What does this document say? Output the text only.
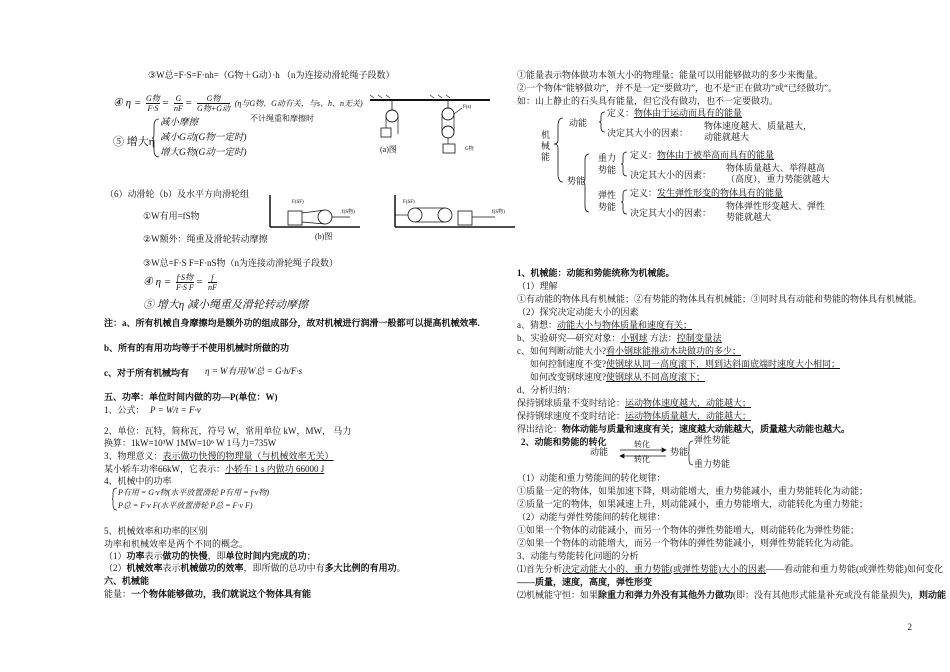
③W总=F·S=F·nh=（G物＋G动）·h （n为连接动滑轮绳子段数）
④ η = G物
$F\cdot S = \frac{G}{nF}$ =	G物
G物+G动
(η与G物、G动有关，与s、h、n无关)
不计绳重和摩擦时
⑤ 增大η
减小摩擦
减小G动(G物一定时)
增大G物(G动一定时)
F(s)
G物
(a)图
（6）动滑轮（b）及水平方向滑轮组
①W有用=fS物
②W额外：绳重及滑轮转动摩擦
③W总=F·S F=F·nS物（n为连接动滑轮绳子段数）
④ η = f·S物
F·S $F = \frac{f}{nF}$
⑤ 增大η 减小绳重及滑轮转动摩擦
F(SF)
f(S物)
F(SF)
f(S物)
(b)图
注：a、所有机械自身摩擦均是额外功的组成部分，故对机械进行润滑一般都可以提高机械效率.
b、所有的有用功均等于不使用机械时所做的功
c、对于所有机械均有 η = W有用/W总 = G·h/F·s
五、功率：单位时间内做的功—P(单位：W)
1、公式： P = W/t = F·v
2、单位：瓦特，简称瓦，符号 W，常用单位 kW，MW， 马力
换算：1kW=10³W 1MW=10⁶ W 1马力=735W
3、物理意义：表示做功快慢的物理量（与机械效率无关）
某小轿车功率66kW，它表示：小轿车 1 s 内做功 66000 J
4、机械中的功率
P有用 = G·v物(水平放置滑轮 P有用 = f·v物)
P总 = F·v F(水平放置滑轮 P总 = F·v F)
5、机械效率和功率的区别
功率和机械效率是两个不同的概念。
（1）功率表示做功的快慢，即单位时间内完成的功；
（2）机械效率表示机械做功的效率，即所做的总功中有多大比例的有用功。
六、机械能
能量：一个物体能够做功，我们就说这个物体具有能
①能量表示物体做功本领大小的物理量；能量可以用能够做功的多少来衡量。
②一个物体“能够做功”，并不是一定“要做功”，也不是“正在做功”或“已经做功”。
如：山上静止的石头具有能量，但它没有做功，也不一定要做功。
机械能
动能
定义：物体由于运动而具有的能量
决定其大小的因素：
物体速度越大、质量越大，
动能就越大
势能
重力
势能
定义：物体由于被举高而具有的能量
决定其大小的因素：
物体质量越大、举得越高
（高度），重力势能就越大
弹性
势能
定义：发生弹性形变的物体具有的能量
决定其大小的因素：
物体弹性形变越大、弹性
势能就越大
1、机械能：动能和势能统称为机械能。
（1）理解
①有动能的物体具有机械能；②有势能的物体具有机械能；③同时具有动能和势能的物体具有机械能。
（2）探究决定动能大小的因素
a、猜想：动能大小与物体质量和速度有关；
b、实验研究—研究对象：小钢球 方法：控制变量法
c、如何判断动能大小?看小钢球能推动木块做功的多少；
如何控制速度不变?使钢球从同一高度滚下，则到达斜面底端时速度大小相同；
如何改变钢球速度?使钢球从不同高度滚下；
d、分析归纳：
保持钢球质量不变时结论：运动物体速度越大，动能越大；
保持钢球速度不变时结论：运动物体质量越大，动能越大；
得出结论：物体动能与质量和速度有关；速度越大动能越大，质量越大动能也越大。
2、动能和势能的转化
动能
转化
转化
势能
弹性势能
重力势能
（1）动能和重力势能间的转化规律：
①质量一定的物体，如果加速下降，则动能增大，重力势能减小，重力势能转化为动能；
②质量一定的物体，如果减速上升，则动能减小，重力势能增大，动能转化为重力势能；
（2）动能与弹性势能间的转化规律：
①如果一个物体的动能减小，而另一个物体的弹性势能增大，则动能转化为弹性势能；
②如果一个物体的动能增大，而另一个物体的弹性势能减小，则弹性势能转化为动能。
3、动能与势能转化问题的分析
⑴首先分析决定动能大小的、重力势能(或弹性势能)大小的因素——看动能和重力势能(或弹性势能)如何变化
——质量，速度，高度，弹性形变
⑵机械能守恒：如果除重力和弹力外没有其他外力做功(即：没有其他形式能量补充或没有能量损失)，则动能
2
